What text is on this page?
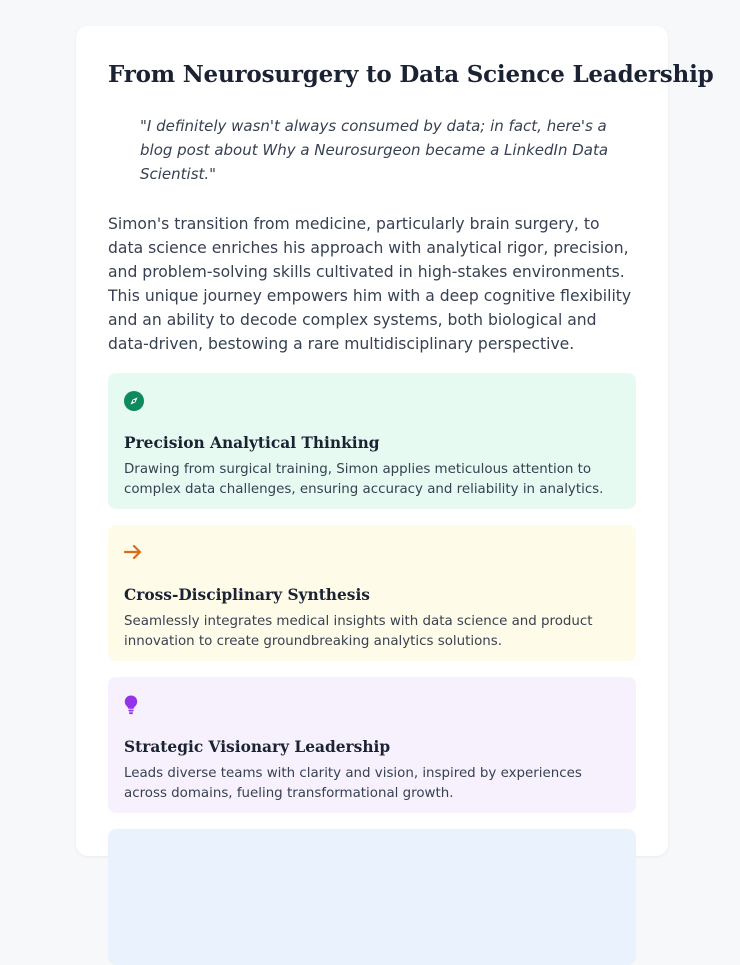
From Neurosurgery to Data Science Leadership

"I definitely wasn't always consumed by data; in fact, here's a blog post about Why a Neurosurgeon became a LinkedIn Data Scientist."

Simon's transition from medicine, particularly brain surgery, to data science enriches his approach with analytical rigor, precision, and problem-solving skills cultivated in high-stakes environments. This unique journey empowers him with a deep cognitive flexibility and an ability to decode complex systems, both biological and data-driven, bestowing a rare multidisciplinary perspective.

Precision Analytical Thinking
Drawing from surgical training, Simon applies meticulous attention to complex data challenges, ensuring accuracy and reliability in analytics.
Cross-Disciplinary Synthesis
Seamlessly integrates medical insights with data science and product innovation to create groundbreaking analytics solutions.
Strategic Visionary Leadership
Leads diverse teams with clarity and vision, inspired by experiences across domains, fueling transformational growth.
